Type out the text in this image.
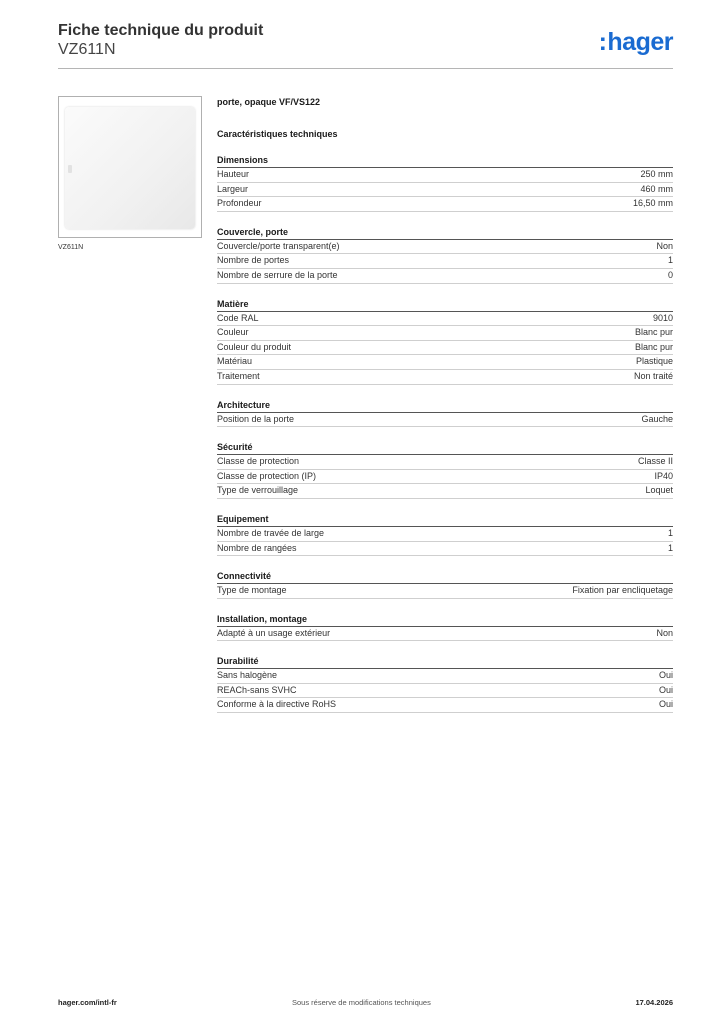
Fiche technique du produit
VZ611N	:hager
VZ611N
porte, opaque VF/VS122
Caractéristiques techniques
Dimensions
Hauteur	250 mm
Largeur	460 mm
Profondeur	16,50 mm
Couvercle, porte
Couvercle/porte transparent(e)	Non
Nombre de portes	1
Nombre de serrure de la porte	0
Matière
Code RAL	9010
Couleur	Blanc pur
Couleur du produit	Blanc pur
Matériau	Plastique
Traitement	Non traité
Architecture
Position de la porte	Gauche
Sécurité
Classe de protection	Classe II
Classe de protection (IP)	IP40
Type de verrouillage	Loquet
Equipement
Nombre de travée de large	1
Nombre de rangées	1
Connectivité
Type de montage	Fixation par encliquetage
Installation, montage
Adapté à un usage extérieur	Non
Durabilité
Sans halogène	Oui
REACh-sans SVHC	Oui
Conforme à la directive RoHS	Oui
hager.com/intl-fr	Sous réserve de modifications techniques	17.04.2026
